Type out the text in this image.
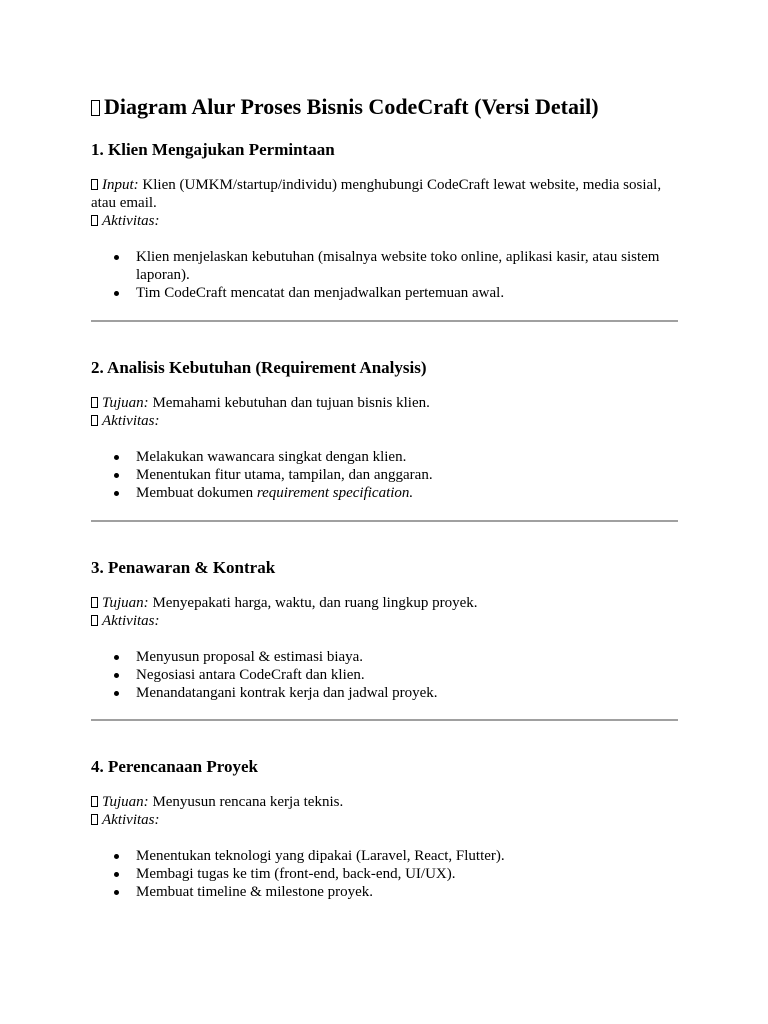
Diagram Alur Proses Bisnis CodeCraft (Versi Detail)
1. Klien Mengajukan Permintaan
Input: Klien (UMKM/startup/individu) menghubungi CodeCraft lewat website, media sosial, atau email.
Aktivitas:
Klien menjelaskan kebutuhan (misalnya website toko online, aplikasi kasir, atau sistem laporan).
Tim CodeCraft mencatat dan menjadwalkan pertemuan awal.
2. Analisis Kebutuhan (Requirement Analysis)
Tujuan: Memahami kebutuhan dan tujuan bisnis klien.
Aktivitas:
Melakukan wawancara singkat dengan klien.
Menentukan fitur utama, tampilan, dan anggaran.
Membuat dokumen requirement specification.
3. Penawaran & Kontrak
Tujuan: Menyepakati harga, waktu, dan ruang lingkup proyek.
Aktivitas:
Menyusun proposal & estimasi biaya.
Negosiasi antara CodeCraft dan klien.
Menandatangani kontrak kerja dan jadwal proyek.
4. Perencanaan Proyek
Tujuan: Menyusun rencana kerja teknis.
Aktivitas:
Menentukan teknologi yang dipakai (Laravel, React, Flutter).
Membagi tugas ke tim (front-end, back-end, UI/UX).
Membuat timeline & milestone proyek.
